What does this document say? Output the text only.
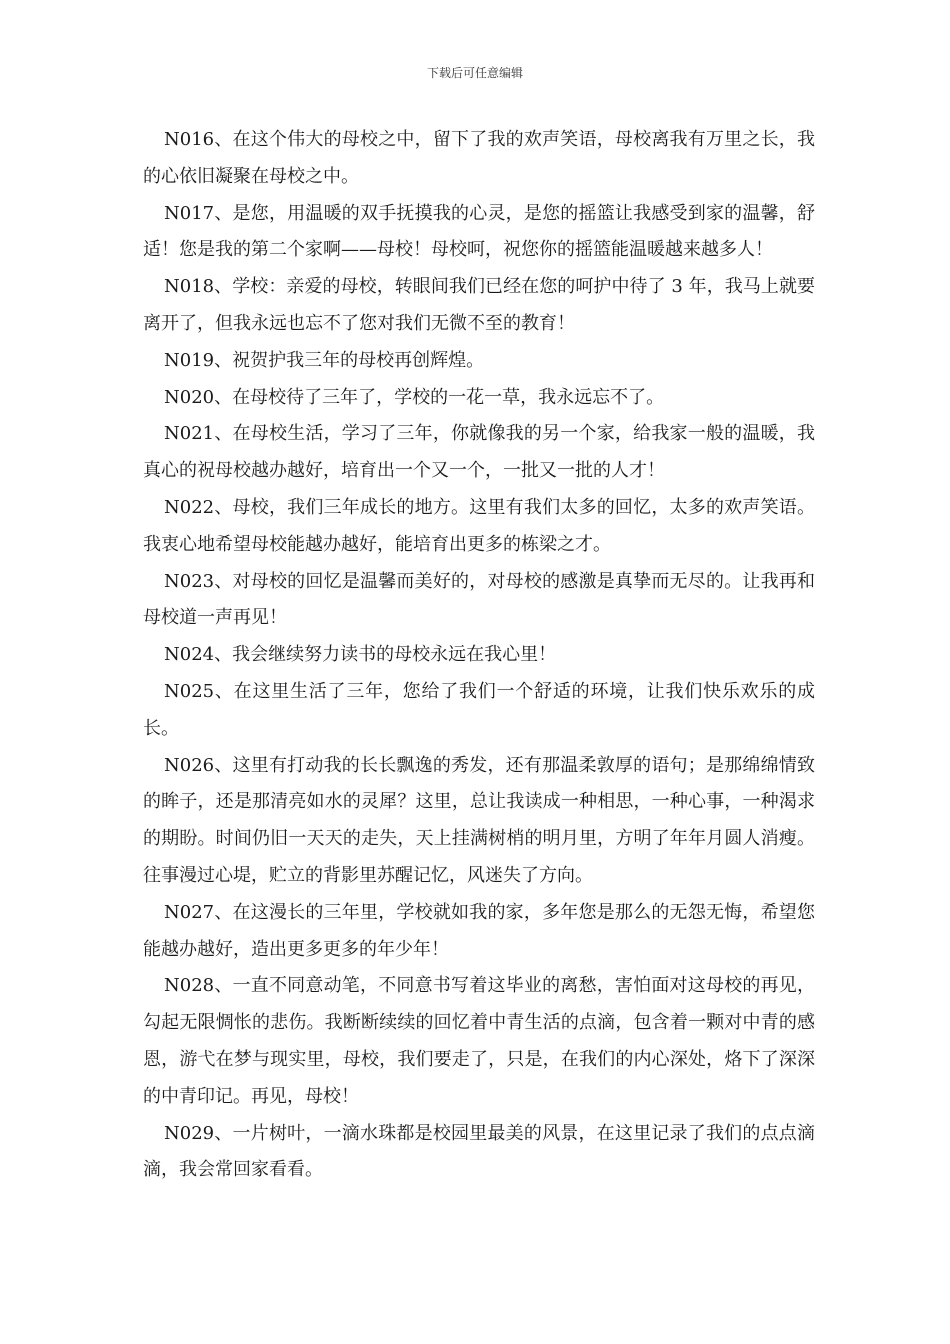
下载后可任意编辑

N016、在这个伟大的母校之中，留下了我的欢声笑语，母校离我有万里之长，我的心依旧凝聚在母校之中。

N017、是您，用温暖的双手抚摸我的心灵，是您的摇篮让我感受到家的温馨，舒适！您是我的第二个家啊——母校！母校呵，祝您你的摇篮能温暖越来越多人！

N018、学校：亲爱的母校，转眼间我们已经在您的呵护中待了 3 年，我马上就要离开了，但我永远也忘不了您对我们无微不至的教育！

N019、祝贺护我三年的母校再创辉煌。

N020、在母校待了三年了，学校的一花一草，我永远忘不了。

N021、在母校生活，学习了三年，你就像我的另一个家，给我家一般的温暖，我真心的祝母校越办越好，培育出一个又一个，一批又一批的人才！

N022、母校，我们三年成长的地方。这里有我们太多的回忆，太多的欢声笑语。我衷心地希望母校能越办越好，能培育出更多的栋梁之才。

N023、对母校的回忆是温馨而美好的，对母校的感激是真挚而无尽的。让我再和母校道一声再见！

N024、我会继续努力读书的母校永远在我心里！

N025、在这里生活了三年，您给了我们一个舒适的环境，让我们快乐欢乐的成长。

N026、这里有打动我的长长飘逸的秀发，还有那温柔敦厚的语句；是那绵绵情致的眸子，还是那清亮如水的灵犀？这里，总让我读成一种相思，一种心事，一种渴求的期盼。时间仍旧一天天的走失，天上挂满树梢的明月里，方明了年年月圆人消瘦。往事漫过心堤，贮立的背影里苏醒记忆，风迷失了方向。

N027、在这漫长的三年里，学校就如我的家，多年您是那么的无怨无悔，希望您能越办越好，造出更多更多的年少年！

N028、一直不同意动笔，不同意书写着这毕业的离愁，害怕面对这母校的再见，勾起无限惆怅的悲伤。我断断续续的回忆着中青生活的点滴，包含着一颗对中青的感恩，游弋在梦与现实里，母校，我们要走了，只是，在我们的内心深处，烙下了深深的中青印记。再见，母校！

N029、一片树叶，一滴水珠都是校园里最美的风景，在这里记录了我们的点点滴滴，我会常回家看看。
